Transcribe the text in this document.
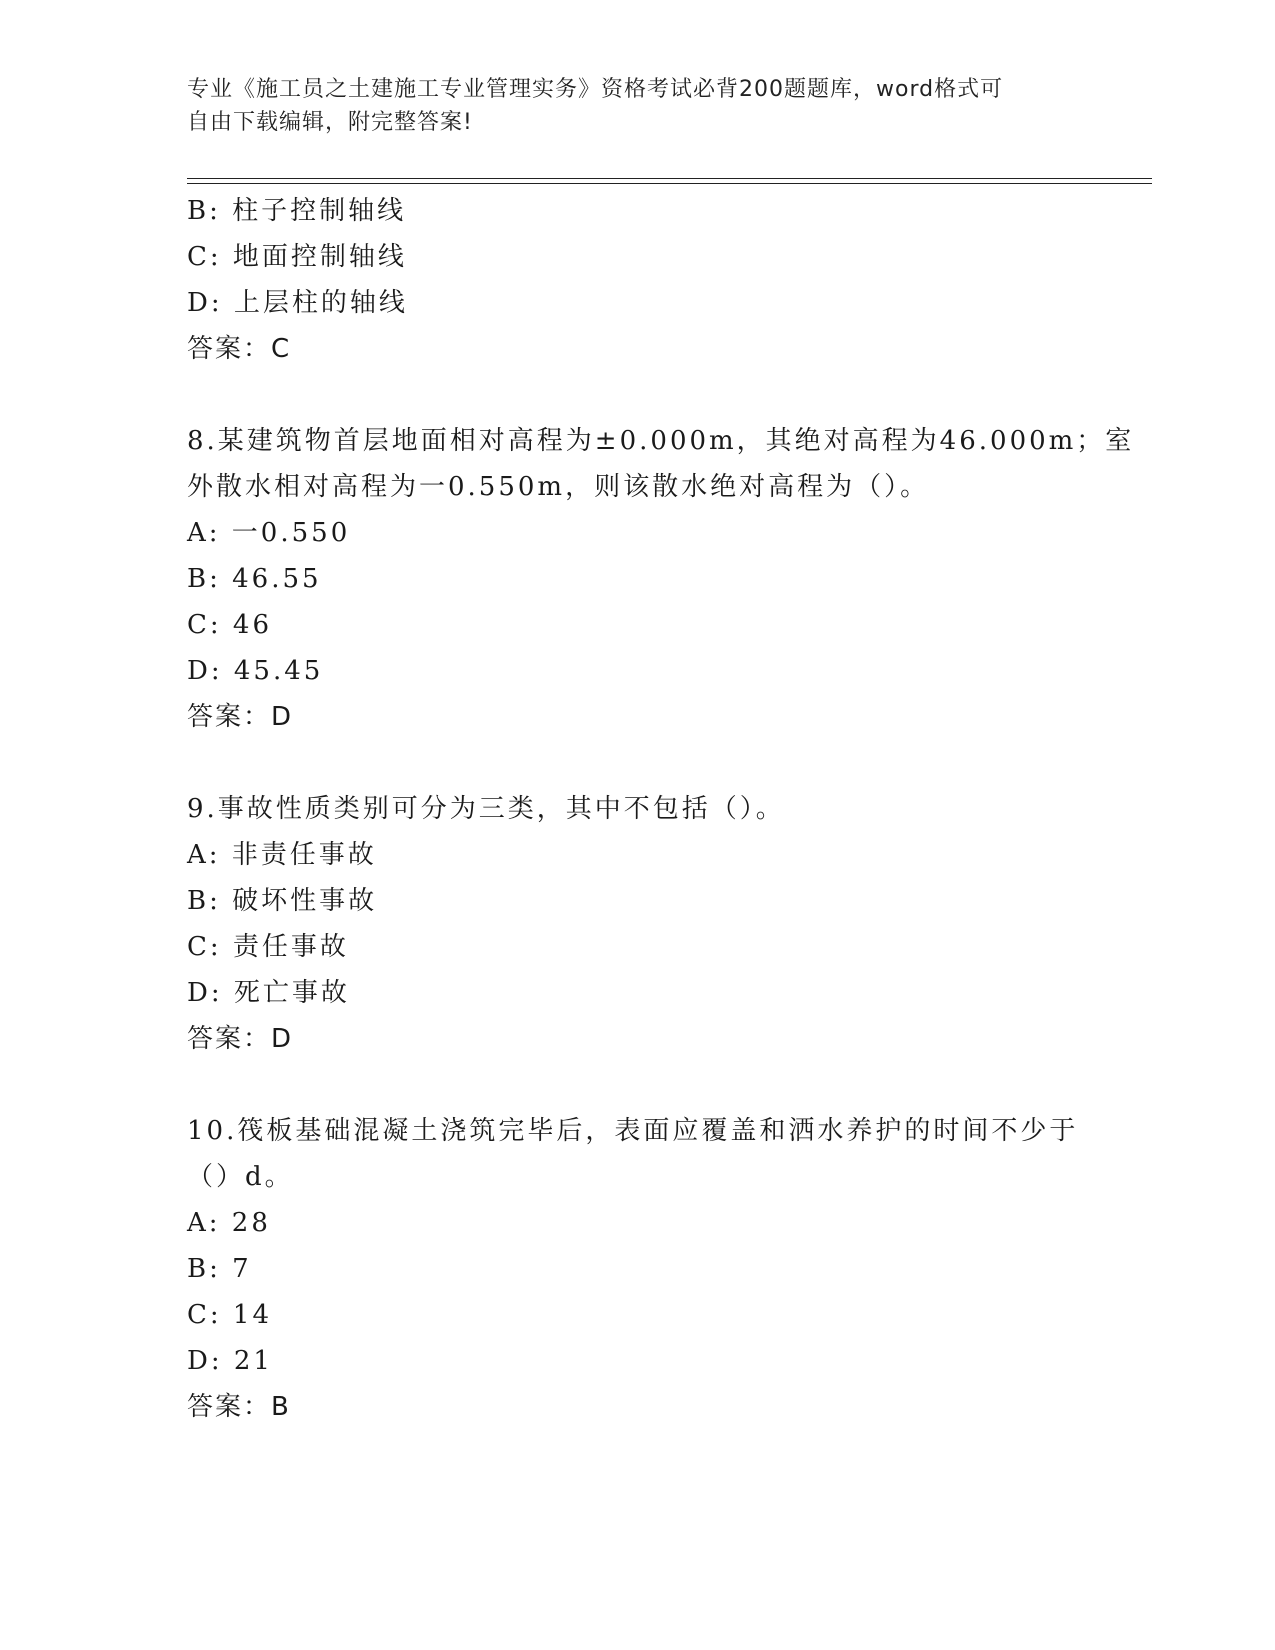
专业《施工员之土建施工专业管理实务》资格考试必背200题题库，word格式可
自由下载编辑，附完整答案!
B: 柱子控制轴线
C: 地面控制轴线
D: 上层柱的轴线
答案：C
8.某建筑物首层地面相对高程为±0.000m，其绝对高程为46.000m；室
外散水相对高程为一0.550m，则该散水绝对高程为（）。
A: 一0.550
B: 46.55
C: 46
D: 45.45
答案：D
9.事故性质类别可分为三类，其中不包括（）。
A: 非责任事故
B: 破坏性事故
C: 责任事故
D: 死亡事故
答案：D
10.筏板基础混凝土浇筑完毕后，表面应覆盖和洒水养护的时间不少于
（）d。
A: 28
B: 7
C: 14
D: 21
答案：B
